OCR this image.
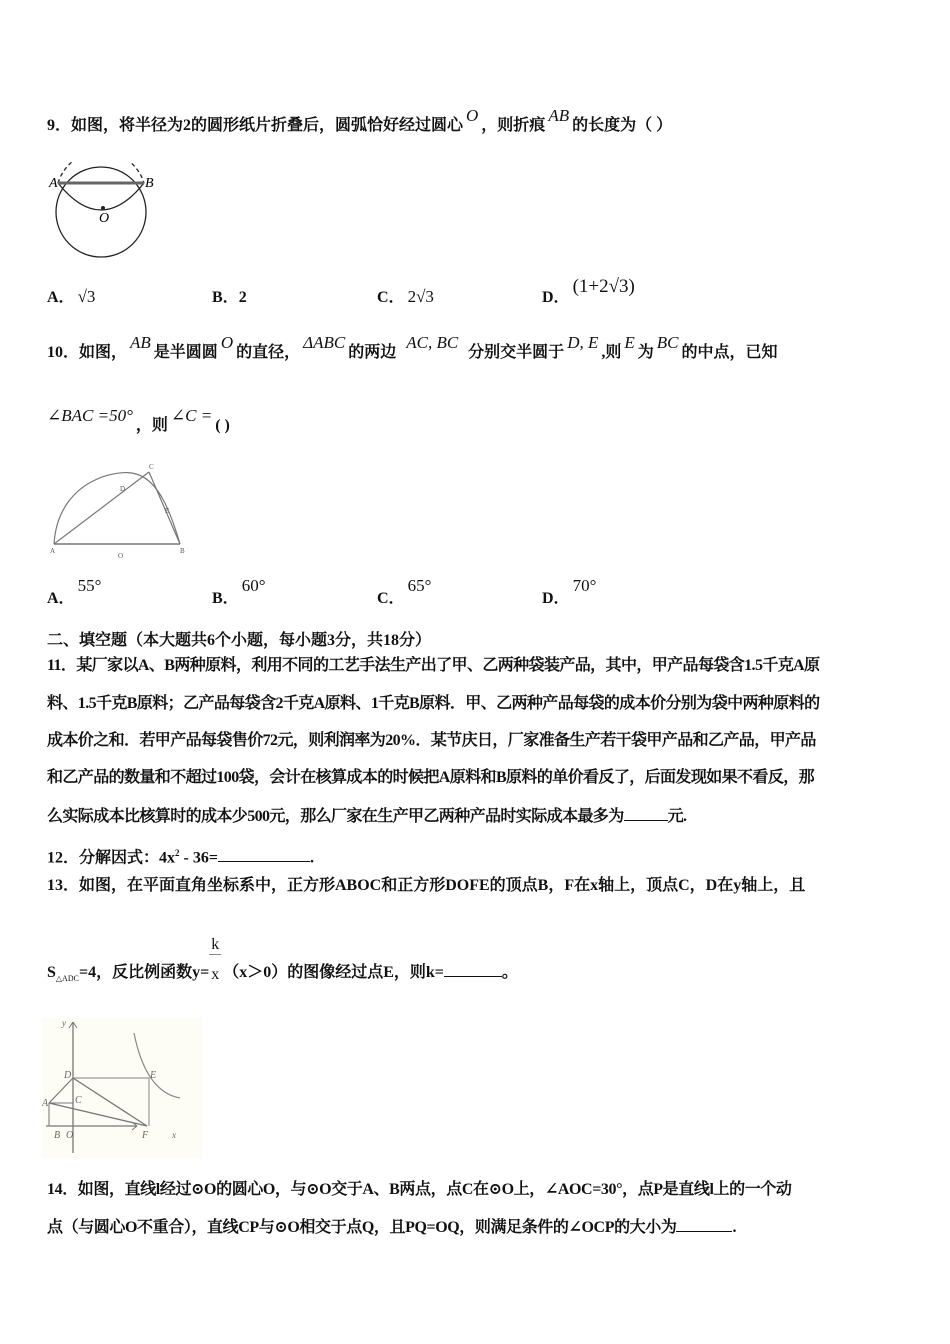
9．如图，将半径为2的圆形纸片折叠后，圆弧恰好经过圆心O，则折痕AB的长度为（ ）
A	B
O
A． √3	B．2	C． 2√3	D．(1+2√3)
10．如图，AB是半圆圆O的直径，ΔABC的两边AC, BC分别交半圆于D, E,则E为BC的中点，已知
∠BAC =50°，则∠C =( )
C
D
E
A
O
B
A．55°
B．60°
C．65°
D．70°
二、填空题（本大题共6个小题，每小题3分，共18分）
11．某厂家以A、B两种原料，利用不同的工艺手法生产出了甲、乙两种袋装产品，其中，甲产品每袋含1.5千克A原
料、1.5千克B原料；乙产品每袋含2千克A原料、1千克B原料．甲、乙两种产品每袋的成本价分别为袋中两种原料的
成本价之和．若甲产品每袋售价72元，则利润率为20%．某节庆日，厂家准备生产若干袋甲产品和乙产品，甲产品
和乙产品的数量和不超过100袋，会计在核算成本的时候把A原料和B原料的单价看反了，后面发现如果不看反，那
么实际成本比核算时的成本少500元，那么厂家在生产甲乙两种产品时实际成本最多为	元.
12．分解因式：$4x^2 - 36=$	.
13．如图，在平面直角坐标系中，正方形ABOC和正方形DOFE的顶点B，F在x轴上，顶点C，D在y轴上，且
$S_{\triangle ADC}=4$，反比例函数$y= \frac{k}{x}(x>0)$的图像经过点E，则k=	。
y
D	E
A	C
B O	F	x
14．如图，直线l经过⊙O的圆心O，与⊙O交于A、B两点，点C在⊙O上，∠AOC=30°，点P是直线l上的一个动
点（与圆心O不重合），直线CP与⊙O相交于点Q，且PQ=OQ，则满足条件的∠OCP的大小为	.
